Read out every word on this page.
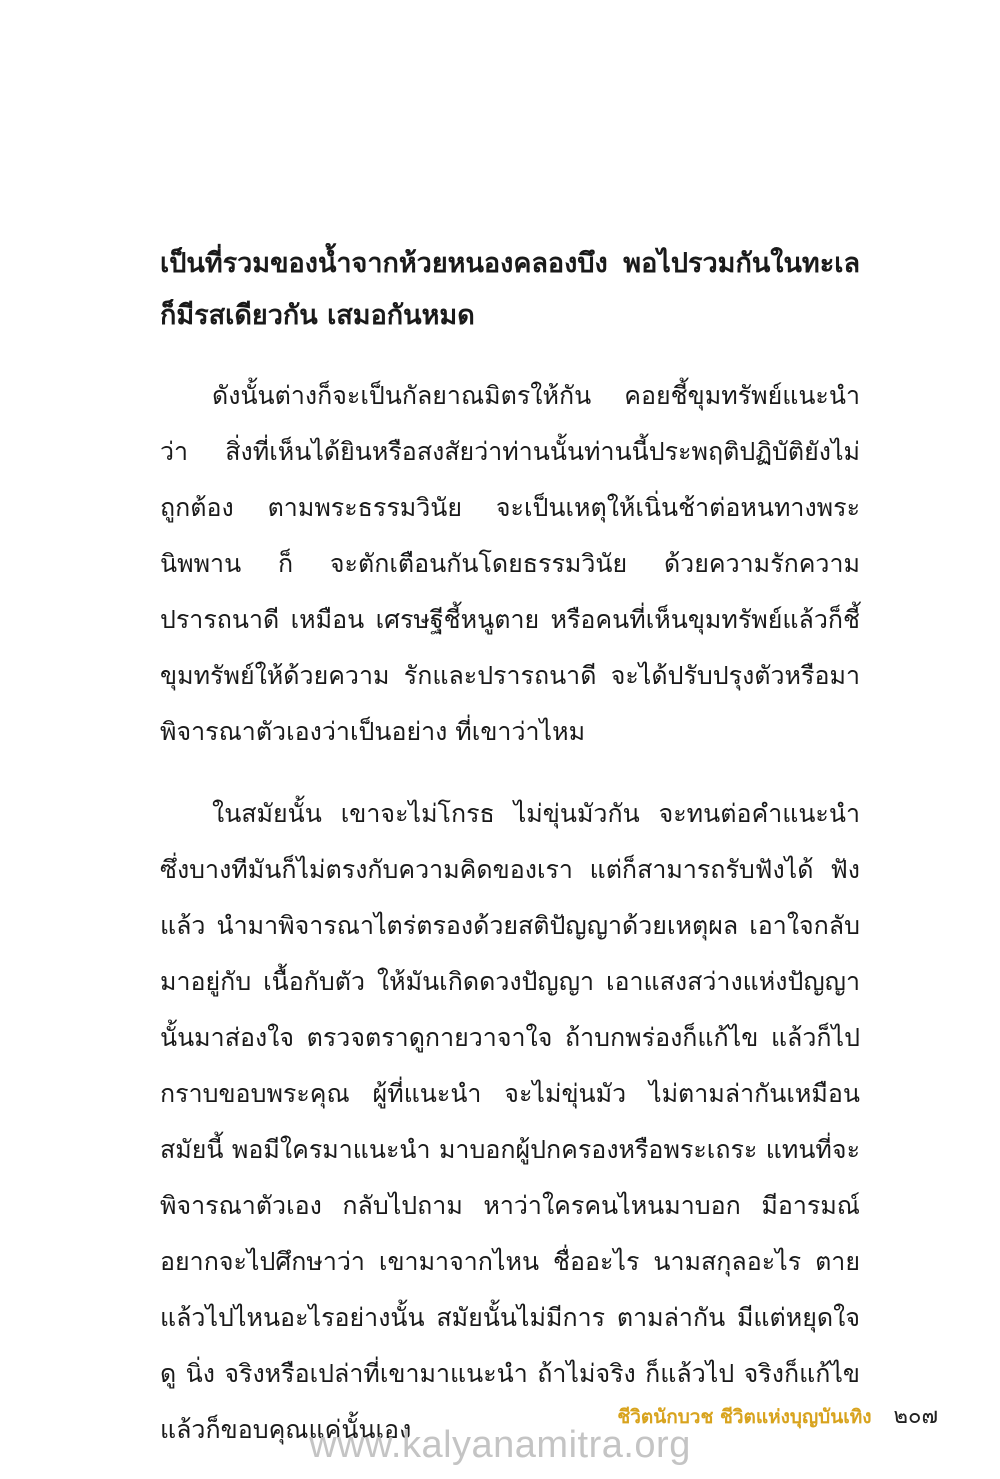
เป็นที่รวมของน้ำจากห้วยหนองคลองบึง พอไปรวมกันในทะเล ก็มีรสเดียวกัน เสมอกันหมด

ดังนั้นต่างก็จะเป็นกัลยาณมิตรให้กัน คอยชี้ขุมทรัพย์แนะนำว่า สิ่งที่เห็นได้ยินหรือสงสัยว่าท่านนั้นท่านนี้ประพฤติปฏิบัติยังไม่ถูกต้อง ตามพระธรรมวินัย จะเป็นเหตุให้เนิ่นช้าต่อหนทางพระนิพพาน ก็ จะตักเตือนกันโดยธรรมวินัย ด้วยความรักความปรารถนาดี เหมือน เศรษฐีชี้หนูตาย หรือคนที่เห็นขุมทรัพย์แล้วก็ชี้ขุมทรัพย์ให้ด้วยความ รักและปรารถนาดี จะได้ปรับปรุงตัวหรือมาพิจารณาตัวเองว่าเป็นอย่าง ที่เขาว่าไหม

ในสมัยนั้น เขาจะไม่โกรธ ไม่ขุ่นมัวกัน จะทนต่อคำแนะนำ ซึ่งบางทีมันก็ไม่ตรงกับความคิดของเรา แต่ก็สามารถรับฟังได้ ฟังแล้ว นำมาพิจารณาไตร่ตรองด้วยสติปัญญาด้วยเหตุผล เอาใจกลับมาอยู่กับ เนื้อกับตัว ให้มันเกิดดวงปัญญา เอาแสงสว่างแห่งปัญญานั้นมาส่องใจ ตรวจตราดูกายวาจาใจ ถ้าบกพร่องก็แก้ไข แล้วก็ไปกราบขอบพระคุณ ผู้ที่แนะนำ จะไม่ขุ่นมัว ไม่ตามล่ากันเหมือนสมัยนี้ พอมีใครมาแนะนำ มาบอกผู้ปกครองหรือพระเถระ แทนที่จะพิจารณาตัวเอง กลับไปถาม หาว่าใครคนไหนมาบอก มีอารมณ์อยากจะไปศึกษาว่า เขามาจากไหน ชื่ออะไร นามสกุลอะไร ตายแล้วไปไหนอะไรอย่างนั้น สมัยนั้นไม่มีการ ตามล่ากัน มีแต่หยุดใจดู นิ่ง จริงหรือเปล่าที่เขามาแนะนำ ถ้าไม่จริง ก็แล้วไป จริงก็แก้ไข แล้วก็ขอบคุณแค่นั้นเอง	ชีวิตนักบวช ชีวิตแห่งบุญบันเทิง ๒๐๗
www.kalyanamitra.org
